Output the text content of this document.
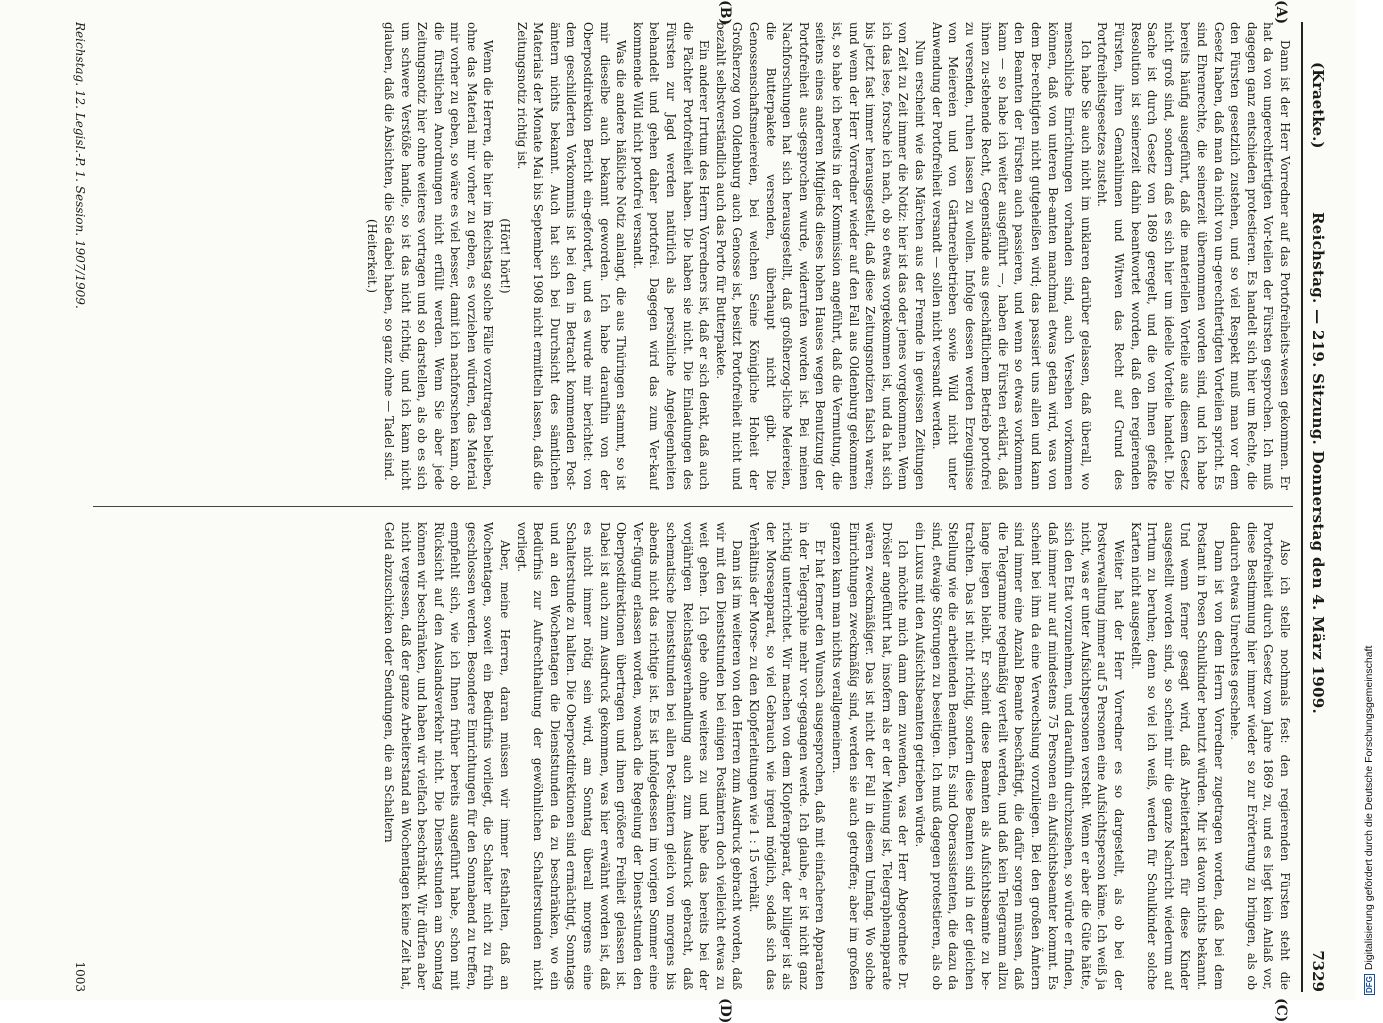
(Kraetke.)
Reichstag. — 219. Sitzung. Donnerstag den 4. März 1909.
7329
(A)
(B)
(C)
(D)

Dann ist der Herr Vorredner auf das Portofreiheits-wesen gekommen. Er hat da von ungerechtfertigten Vor-teilen der Fürsten gesprochen. Ich muß dagegen ganz entschieden protestieren. Es handelt sich hier um Rechte, die den Fürsten gesetzlich zustehen, und so viel Respekt muß man vor dem Gesetz haben, daß man da nicht von un-gerechtfertigten Vorteilen spricht. Es sind Ehrenrechte, die seinerzeit übernommen worden sind, und ich habe bereits häufig ausgeführt, daß die materiellen Vorteile aus diesem Gesetz nicht groß sind, sondern daß es sich hier um ideelle Vorteile handelt. Die Sache ist durch Gesetz von 1869 geregelt, und die von Ihnen gefaßte Resolution ist seinerzeit dahin beantwortet worden, daß den regierenden Fürsten, ihren Gemahlinnen und Witwen das Recht auf Grund des Portofreiheitsgesetzes zusteht.

Ich habe Sie auch nicht im unklaren darüber gelassen, daß überall, wo menschliche Einrichtungen vorhanden sind, auch Versehen vorkommen können, daß von unteren Be-amten manchmal etwas getan wird, was von dem Be-rechtigten nicht gutgeheißen wird; das passiert uns allen und kann den Beamten der Fürsten auch passieren, und wenn so etwas vorkommen kann — so habe ich weiter ausgeführt —, haben die Fürsten erklärt, daß ihnen zu-stehende Recht, Gegenstände aus geschäftlichem Betrieb portofrei zu versenden, ruhen lassen zu wollen. Infolge dessen werden Erzeugnisse von Meiereien und von Gärtnereibetrieben sowie Wild nicht unter Anwendung der Portofreiheit versandt — sollen nicht versandt werden.

Nun erscheint wie das Märchen aus der Fremde in gewissen Zeitungen von Zeit zu Zeit immer die Notiz: hier ist das oder jenes vorgekommen. Wenn ich das lese, forsche ich nach, ob so etwas vorgekommen ist, und da hat sich bis jetzt fast immer herausgestellt, daß diese Zeitungsnotizen falsch waren; und wenn der Herr Vorredner wieder auf den Fall aus Oldenburg gekommen ist, so habe ich bereits in der Kommission angeführt, daß die Vermutung, die seitens eines anderen Mitglieds dieses hohen Hauses wegen Benutzung der Portofreiheit aus-gesprochen wurde, widerrufen worden ist. Bei meinen Nachforschungen hat sich herausgestellt, daß großherzog-liche Meiereien, die Butterpakete versenden, überhaupt nicht gibt. Die Genossenschaftsmeiereien, bei welchen Seine Königliche Hoheit der Großherzog von Oldenburg auch Genosse ist, besitzt Portofreiheit nicht und bezahlt selbstverständlich auch das Porto für Butterpakete.

Ein anderer Irrtum des Herrn Vorredners ist, daß er sich denkt, daß auch die Pächter Portofreiheit haben. Die haben sie nicht. Die Einladungen des Fürsten zur Jagd werden natürlich als persönliche Angelegenheiten behandelt und gehen daher portofrei. Dagegen wird das zum Ver-kauf kommende Wild nicht portofrei versandt.

Was die andere häßliche Notiz anlangt, die aus Thüringen stammt, so ist mir dieselbe auch bekannt geworden. Ich habe daraufhin von der Oberpostdirektion Bericht ein-gefordert, und es wurde mir berichtet: von dem geschilderten Vorkommnis ist bei den in Betracht kommenden Post-ämtern nichts bekannt. Auch hat sich bei Durchsicht des sämtlichen Materials der Monate Mai bis September 1908 nicht ermitteln lassen, daß die Zeitungsnotiz richtig ist.

(Hört! hört!)

Wenn die Herren, die hier im Reichstag solche Fälle vorzutragen belieben, ohne das Material mir vorher zu geben, es vorziehen würden, das Material mir vorher zu geben, so wäre es viel besser, damit ich nachforschen kann, ob die fürstlichen Anordnungen nicht erfüllt werden. Wenn Sie aber jede Zeitungsnotiz hier ohne weiteres vortragen und so darstellen, als ob es sich um schwere Verstöße handle, so ist das nicht richtig, und ich kann nicht glauben, daß die Absichten, die Sie dabei haben, so ganz ohne — Tadel sind.

(Heiterkeit.)

Also ich stelle nochmals fest: den regierenden Fürsten steht die Portofreiheit durch Gesetz vom Jahre 1869 zu, und es liegt kein Anlaß vor, diese Bestimmung hier immer wieder so zur Erörterung zu bringen, als ob dadurch etwas Unrechtes geschehe.

Dann ist von dem Herrn Vorredner zugetragen worden, daß bei dem Postamt in Posen Schulkinder benutzt würden. Mir ist davon nichts bekannt. Und wenn ferner gesagt wird, daß Arbeiterkarten für diese Kinder ausgestellt worden sind, so scheint mir die ganze Nachricht wiederum auf Irrtum zu beruhen; denn so viel ich weiß, werden für Schulkinder solche Karten nicht ausgestellt.

Weiter hat der Herr Vorredner es so dargestellt, als ob bei der Postverwaltung immer auf 5 Personen eine Aufsichtsperson käme. Ich weiß ja nicht, was er unter Aufsichtspersonen versteht. Wenn er aber die Güte hätte, sich den Etat vorzunehmen, und daraufhin durchzusehen, so würde er finden, daß immer nur auf mindestens 75 Personen ein Aufsichtsbeamter kommt. Es scheint bei ihm da eine Verwechslung vorzuliegen. Bei den großen Ämtern sind immer eine Anzahl Beamte beschäftigt, die dafür sorgen müssen, daß die Telegramme regelmäßig verteilt werden, und daß kein Telegramm allzu lange liegen bleibt. Er scheint diese Beamten als Aufsichtsbeamte zu be-trachten. Das ist nicht richtig, sondern diese Beamten sind in der gleichen Stellung wie die arbeitenden Beamten. Es sind Oberassistenten, die dazu da sind, etwaige Störungen zu beseitigen. Ich muß dagegen protestieren, als ob ein Luxus mit den Aufsichtsbeamten getrieben würde.

Ich möchte mich dann dem zuwenden, was der Herr Abgeordnete Dr. Drösler angeführt hat, insofern als er der Meinung ist, Telegraphenapparate wären zweckmäßiger. Das ist nicht der Fall in diesem Umfang. Wo solche Einrichtungen zweckmäßig sind, werden sie auch getroffen; aber im großen ganzen kann man nichts verallgemeinern.

Er hat ferner den Wunsch ausgesprochen, daß mit einfacheren Apparaten in der Telegraphie mehr vor-gegangen werde. Ich glaube, er ist nicht ganz richtig unterrichtet. Wir machen von dem Klopferapparat, der billiger ist als der Morseapparat, so viel Gebrauch wie irgend möglich, sodaß sich das Verhältnis der Morse- zu den Klopferleitungen wie 1 : 15 verhält.

Dann ist im weiteren von den Herren zum Ausdruck gebracht worden, daß wir mit den Dienststunden bei einigen Postämtern doch vielleicht etwas zu weit gehen. Ich gebe ohne weiteres zu und habe das bereits bei der vorjährigen Reichstagsverhandlung auch zum Ausdruck gebracht, daß schematische Dienststunden bei allen Post-ämtern gleich von morgens bis abends nicht das richtige ist. Es ist infolgedessen im vorigen Sommer eine Ver-fügung erlassen worden, wonach die Regelung der Dienst-stunden den Oberpostdirektionen übertragen und ihnen größere Freiheit gelassen ist. Dabei ist auch zum Ausdruck gekommen, was hier erwähnt worden ist, daß es nicht immer nötig sein wird, am Sonntag überall morgens eine Schalterstunde zu halten. Die Oberpostdirektionen sind ermächtigt, Sonntags und an den Wochentagen die Dienststunden da zu beschränken, wo ein Bedürfnis zur Aufrechthaltung der gewöhnlichen Schalterstunden nicht vorliegt.

Aber, meine Herren, daran müssen wir immer festhalten, daß an Wochentagen, soweit ein Bedürfnis vorliegt, die Schalter nicht zu früh geschlossen werden. Besondere Einrichtungen für den Sonnabend zu treffen, empfiehlt sich, wie ich Ihnen früher bereits ausgeführt habe, schon mit Rücksicht auf den Auslandsverkehr nicht. Die Dienst-stunden am Sonntag können wir beschränken, und haben wir vielfach beschränkt. Wir dürfen aber nicht vergessen, daß der ganze Arbeiterstand an Wochentagen keine Zeit hat, Geld abzuschicken oder Sendungen, die an Schaltern

Reichstag. 12. Legisl.-P. 1. Session. 1907/1909.
1003	DFGDigitalisierung gefördert durch die Deutsche Forschungsgemeinschaft
